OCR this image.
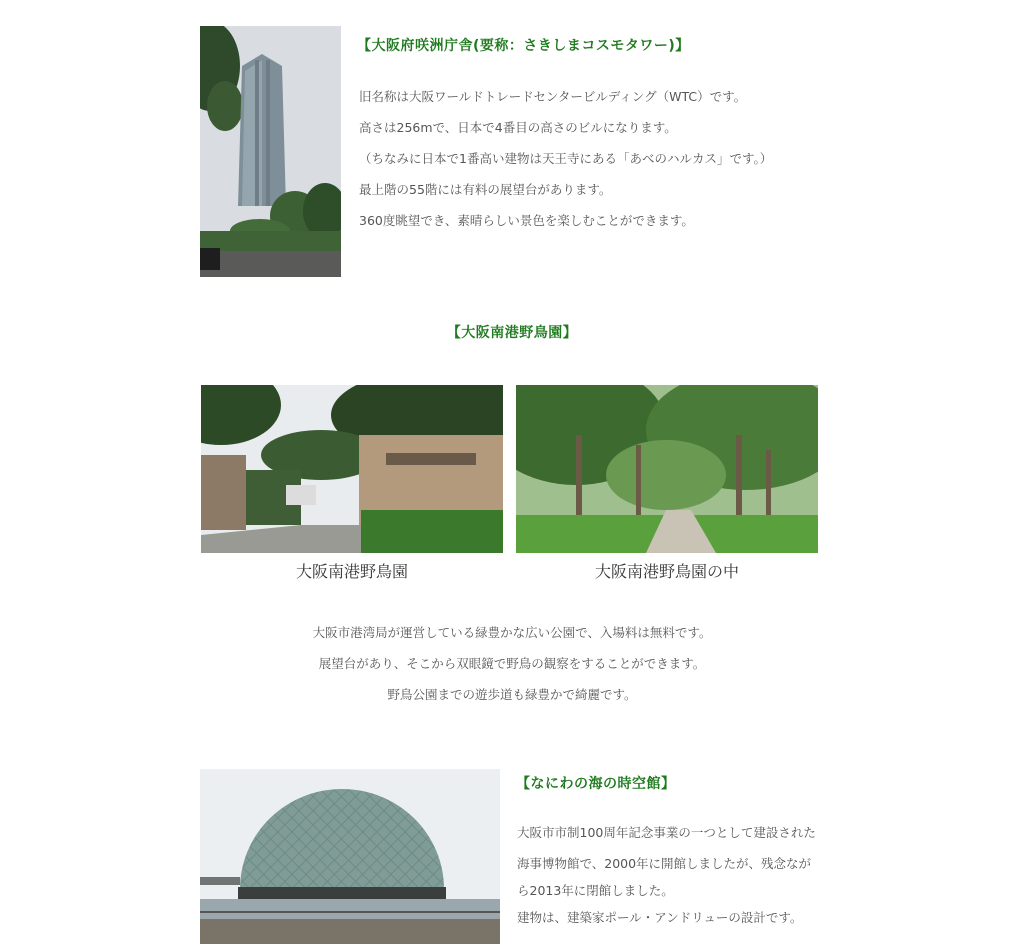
【大阪府咲洲庁舎(要称：さきしまコスモタワー)】

旧名称は大阪ワールドトレードセンタービルディング（WTC）です。

高さは256mで、日本で4番目の高さのビルになります。

（ちなみに日本で1番高い建物は天王寺にある「あべのハルカス」です。）

最上階の55階には有料の展望台があります。

360度眺望でき、素晴らしい景色を楽しむことができます。

【大阪南港野鳥園】
大阪南港野鳥園	大阪南港野鳥園の中

大阪市港湾局が運営している緑豊かな広い公園で、入場料は無料です。

展望台があり、そこから双眼鏡で野鳥の観察をすることができます。

野鳥公園までの遊歩道も緑豊かで綺麗です。

【なにわの海の時空館】

大阪市市制100周年記念事業の一つとして建設された

海事博物館で、2000年に開館しましたが、残念なが

ら2013年に閉館しました。

建物は、建築家ポール・アンドリューの設計です。
